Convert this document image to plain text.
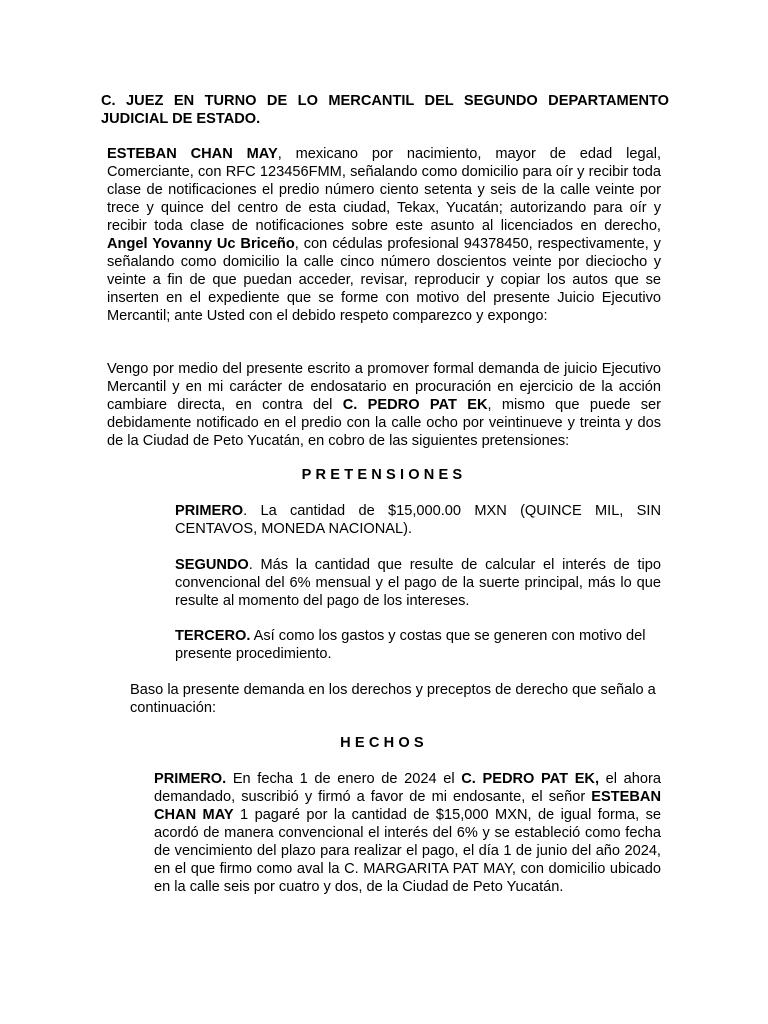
C. JUEZ EN TURNO DE LO MERCANTIL DEL SEGUNDO DEPARTAMENTO JUDICIAL DE ESTADO.
ESTEBAN CHAN MAY, mexicano por nacimiento, mayor de edad legal, Comerciante, con RFC 123456FMM, señalando como domicilio para oír y recibir toda clase de notificaciones el predio número ciento setenta y seis de la calle veinte por trece y quince del centro de esta ciudad, Tekax, Yucatán; autorizando para oír y recibir toda clase de notificaciones sobre este asunto al licenciados en derecho, Angel Yovanny Uc Briceño, con cédulas profesional 94378450, respectivamente, y señalando como domicilio la calle cinco número doscientos veinte por dieciocho y veinte a fin de que puedan acceder, revisar, reproducir y copiar los autos que se inserten en el expediente que se forme con motivo del presente Juicio Ejecutivo Mercantil; ante Usted con el debido respeto comparezco y expongo:
Vengo por medio del presente escrito a promover formal demanda de juicio Ejecutivo Mercantil y en mi carácter de endosatario en procuración en ejercicio de la acción cambiare directa, en contra del C. PEDRO PAT EK, mismo que puede ser debidamente notificado en el predio con la calle ocho por veintinueve y treinta y dos de la Ciudad de Peto Yucatán, en cobro de las siguientes pretensiones:
PRETENSIONES
PRIMERO. La cantidad de $15,000.00 MXN (QUINCE MIL, SIN CENTAVOS, MONEDA NACIONAL).
SEGUNDO. Más la cantidad que resulte de calcular el interés de tipo convencional del 6% mensual y el pago de la suerte principal, más lo que resulte al momento del pago de los intereses.
TERCERO. Así como los gastos y costas que se generen con motivo del presente procedimiento.
Baso la presente demanda en los derechos y preceptos de derecho que señalo a continuación:
HECHOS
PRIMERO. En fecha 1 de enero de 2024 el C. PEDRO PAT EK, el ahora demandado, suscribió y firmó a favor de mi endosante, el señor ESTEBAN CHAN MAY 1 pagaré por la cantidad de $15,000 MXN, de igual forma, se acordó de manera convencional el interés del 6% y se estableció como fecha de vencimiento del plazo para realizar el pago, el día 1 de junio del año 2024, en el que firmo como aval la C. MARGARITA PAT MAY, con domicilio ubicado en la calle seis por cuatro y dos, de la Ciudad de Peto Yucatán.
